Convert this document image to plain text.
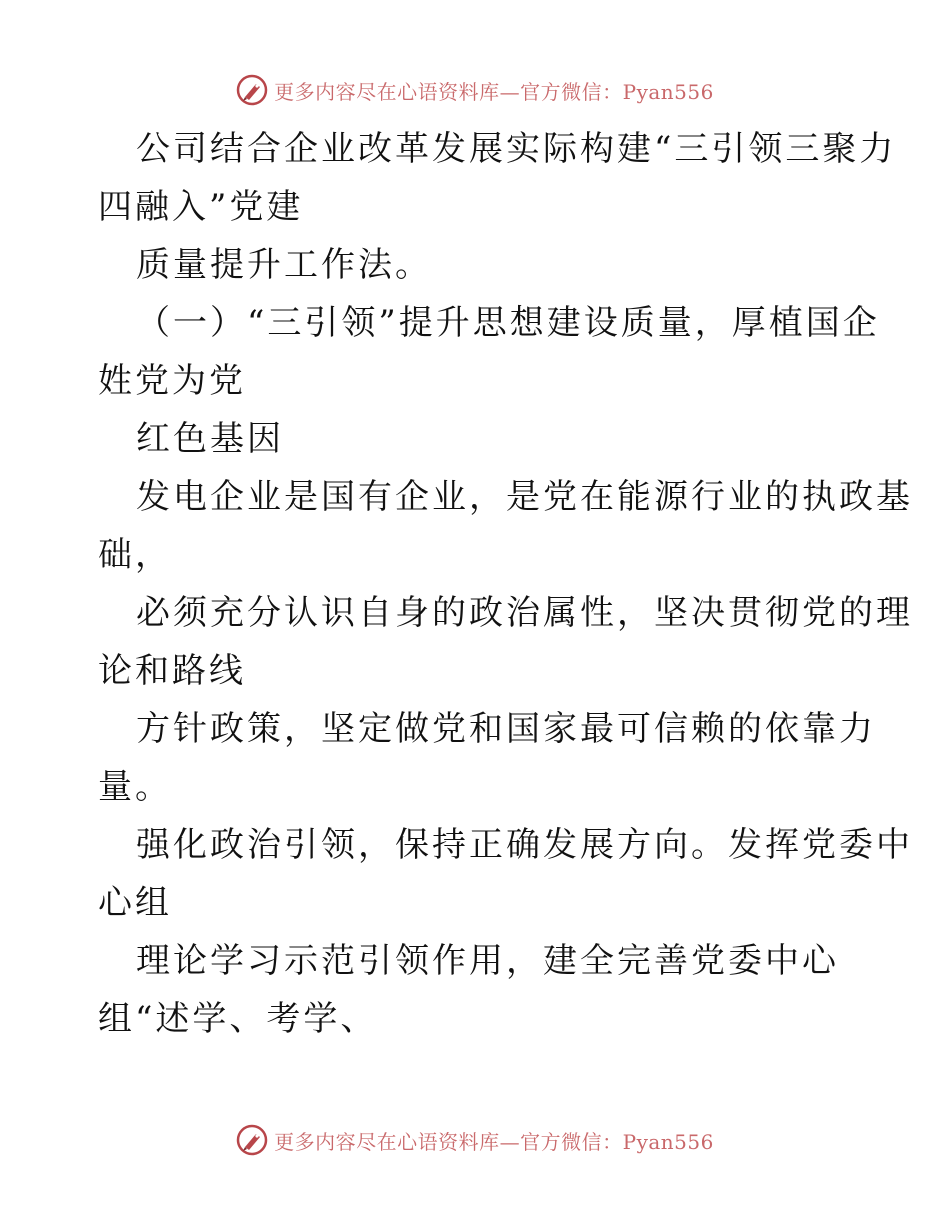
更多内容尽在心语资料库—官方微信：Pyan556
公司结合企业改革发展实际构建“三引领三聚力
四融入”党建
质量提升工作法。
（一）“三引领”提升思想建设质量，厚植国企
姓党为党
红色基因
发电企业是国有企业，是党在能源行业的执政基
础，
必须充分认识自身的政治属性，坚决贯彻党的理
论和路线
方针政策，坚定做党和国家最可信赖的依靠力
量。
强化政治引领，保持正确发展方向。发挥党委中
心组
理论学习示范引领作用，建全完善党委中心
组“述学、考学、
更多内容尽在心语资料库—官方微信：Pyan556
